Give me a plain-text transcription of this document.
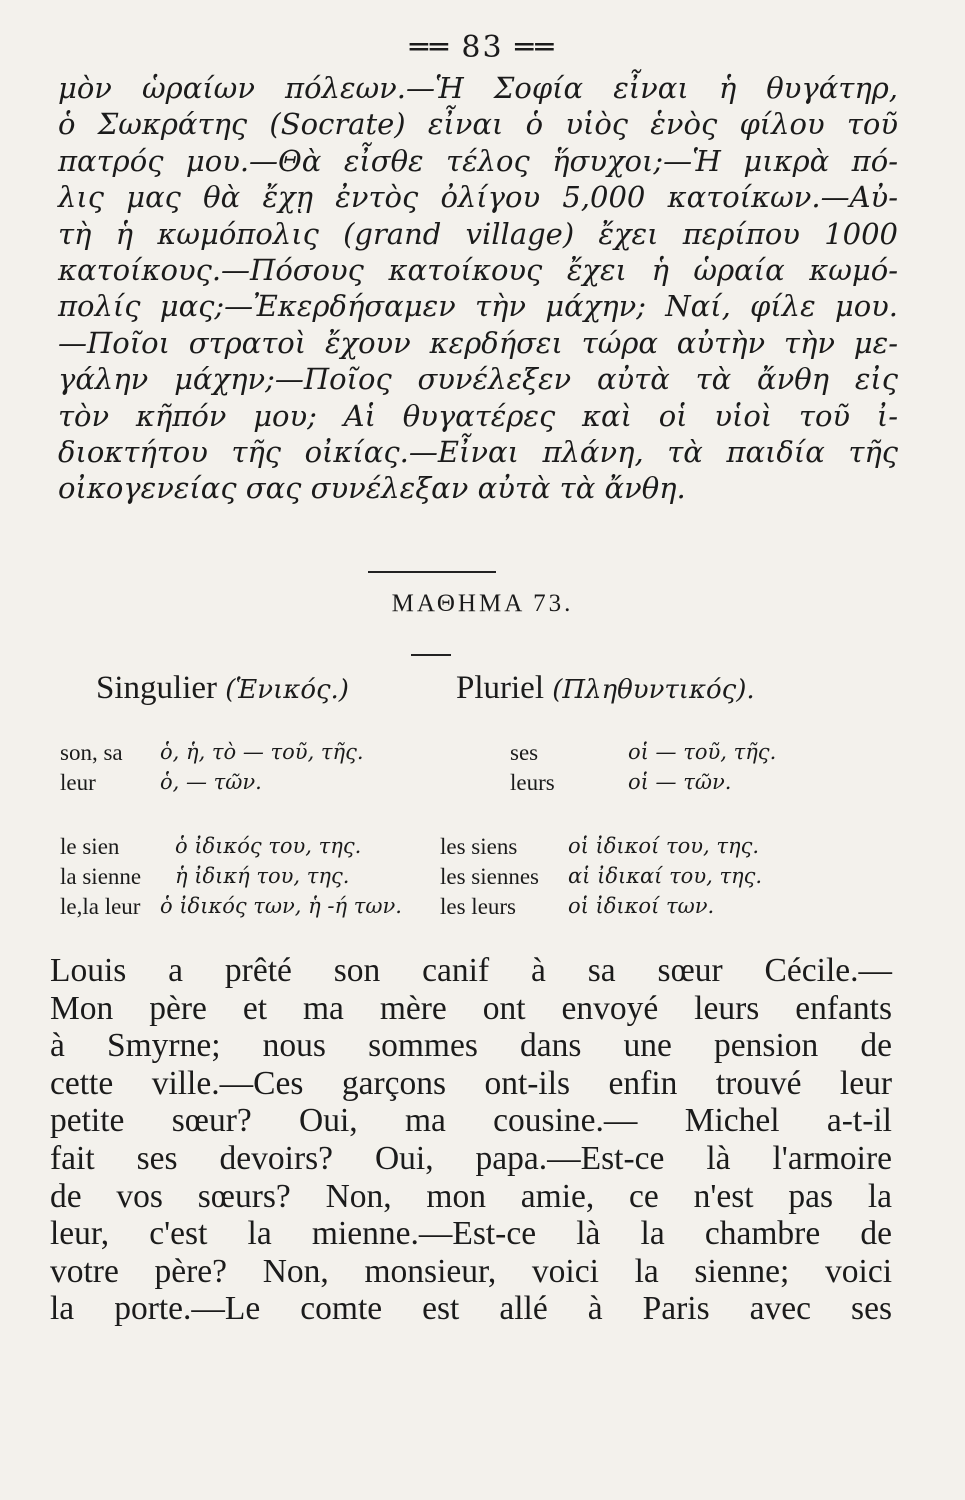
══ 83 ══
μὸν ὡραίων πόλεων.—Ἡ Σοφία εἶναι ἡ θυγάτηρ,
ὁ Σωκράτης (Socrate) εἶναι ὁ υἱὸς ἑνὸς φίλου τοῦ
πατρός μου.—Θὰ εἶσθε τέλος ἥσυχοι;—Ἡ μικρὰ πό-
λις μας θὰ ἔχῃ ἐντὸς ὀλίγου 5,000 κατοίκων.—Αὐ-
τὴ ἡ κωμόπολις (grand village) ἔχει περίπου 1000
κατοίκους.—Πόσους κατοίκους ἔχει ἡ ὡραία κωμό-
πολίς μας;—Ἐκερδήσαμεν τὴν μάχην; Ναί, φίλε μου.
—Ποῖοι στρατοὶ ἔχουν κερδήσει τώρα αὐτὴν τὴν με-
γάλην μάχην;—Ποῖος συνέλεξεν αὐτὰ τὰ ἄνθη εἰς
τὸν κῆπόν μου; Αἱ θυγατέρες καὶ οἱ υἱοὶ τοῦ ἰ-
διοκτήτου τῆς οἰκίας.—Εἶναι πλάνη, τὰ παιδία τῆς
οἰκογενείας σας συνέλεξαν αὐτὰ τὰ ἄνθη.
ΜΑΘΗΜΑ 73.
Singulier (Ἑνικός.)	Pluriel (Πληθυντικός).
son, sa ὁ, ἡ, τὸ — τοῦ, τῆς.	ses	οἱ — τοῦ, τῆς.
leur	ὁ, — τῶν.	leurs	οἱ — τῶν.
le sien	ὁ ἰδικός του, της.	les siens οἱ ἰδικοί του, της.
la sienne ἡ ἰδική του, της.	les siennes αἱ ἰδικαί του, της.
le,la leur ὁ ἰδικός των, ἡ -ή των. les leurs οἱ ἰδικοί των.
Louis a prêté son canif à sa sœur Cécile.—
Mon père et ma mère ont envoyé leurs enfants
à Smyrne; nous sommes dans une pension de
cette ville.—Ces garçons ont-ils enfin trouvé leur
petite sœur? Oui, ma cousine.— Michel a-t-il
fait ses devoirs? Oui, papa.—Est-ce là l'armoire
de vos sœurs? Non, mon amie, ce n'est pas la
leur, c'est la mienne.—Est-ce là la chambre de
votre père? Non, monsieur, voici la sienne; voici
la porte.—Le comte est allé à Paris avec ses
